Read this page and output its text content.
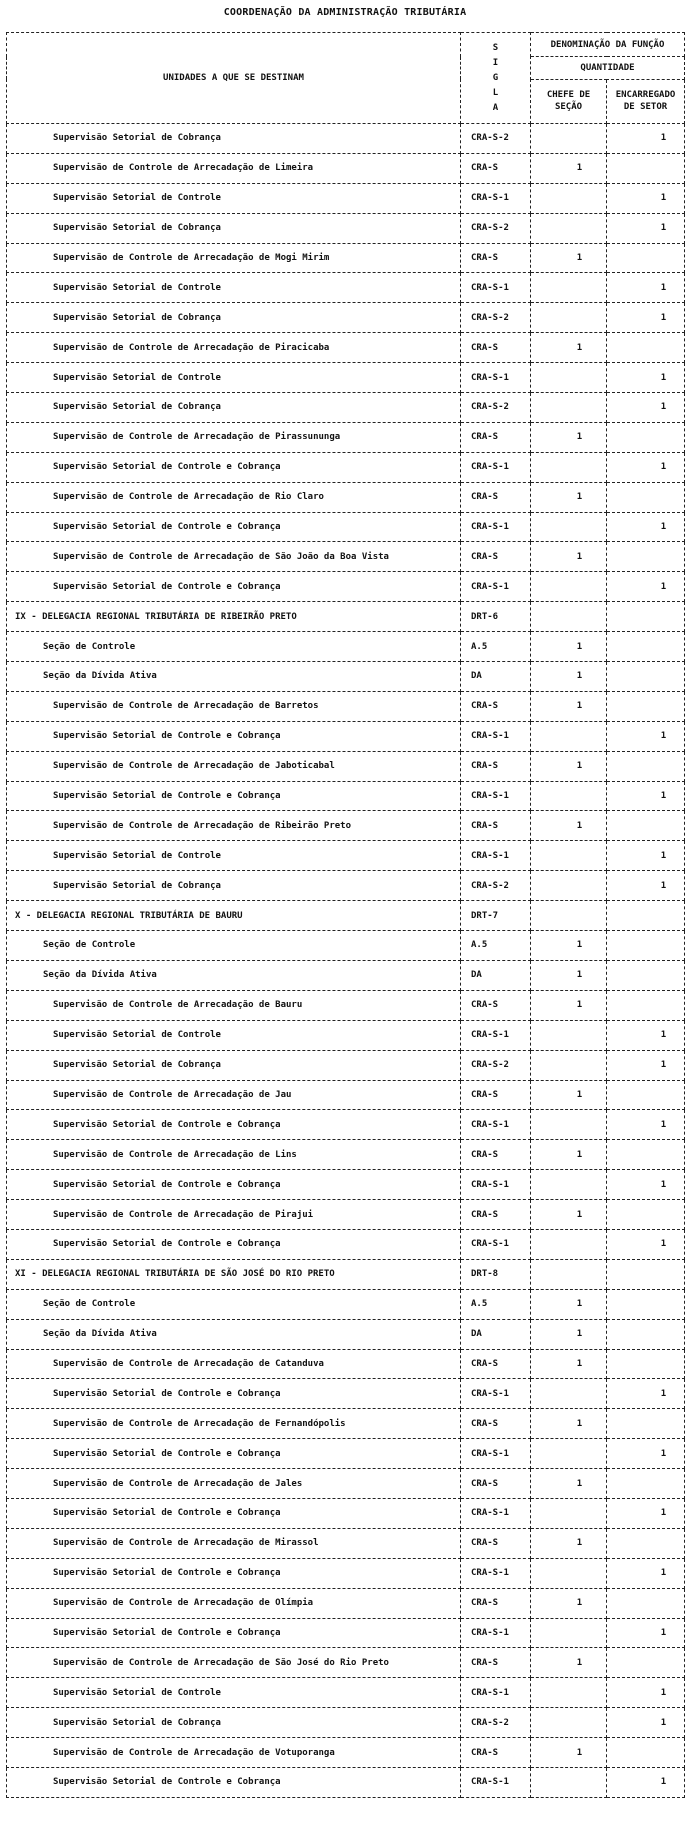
COORDENAÇÃO DA ADMINISTRAÇÃO TRIBUTÁRIA
UNIDADES A QUE SE DESTINAM	S
I
G
L
A	DENOMINAÇÃO DA FUNÇÃO	
		QUANTIDADE	

		CHEFE DE
SEÇÃO	ENCARREGADO
DE SETOR

Supervisão Setorial de Cobrança	CRA-S-2		1
Supervisão de Controle de Arrecadação de Limeira	CRA-S	1	
Supervisão Setorial de Controle	CRA-S-1		1
Supervisão Setorial de Cobrança	CRA-S-2		1
Supervisão de Controle de Arrecadação de Mogi Mirim	CRA-S	1	
Supervisão Setorial de Controle	CRA-S-1		1
Supervisão Setorial de Cobrança	CRA-S-2		1
Supervisão de Controle de Arrecadação de Piracicaba	CRA-S	1	
Supervisão Setorial de Controle	CRA-S-1		1
Supervisão Setorial de Cobrança	CRA-S-2		1
Supervisão de Controle de Arrecadação de Pirassununga	CRA-S	1	
Supervisão Setorial de Controle e Cobrança	CRA-S-1		1
Supervisão de Controle de Arrecadação de Rio Claro	CRA-S	1	
Supervisão Setorial de Controle e Cobrança	CRA-S-1		1
Supervisão de Controle de Arrecadação de São João da Boa Vista	CRA-S	1	
Supervisão Setorial de Controle e Cobrança	CRA-S-1		1
IX - DELEGACIA REGIONAL TRIBUTÁRIA DE RIBEIRÃO PRETO	DRT-6		
Seção de Controle	A.5	1	
Seção da Dívida Ativa	DA	1	
Supervisão de Controle de Arrecadação de Barretos	CRA-S	1	
Supervisão Setorial de Controle e Cobrança	CRA-S-1		1
Supervisão de Controle de Arrecadação de Jaboticabal	CRA-S	1	
Supervisão Setorial de Controle e Cobrança	CRA-S-1		1
Supervisão de Controle de Arrecadação de Ribeirão Preto	CRA-S	1	
Supervisão Setorial de Controle	CRA-S-1		1
Supervisão Setorial de Cobrança	CRA-S-2		1
X - DELEGACIA REGIONAL TRIBUTÁRIA DE BAURU	DRT-7		
Seção de Controle	A.5	1	
Seção da Dívida Ativa	DA	1	
Supervisão de Controle de Arrecadação de Bauru	CRA-S	1	
Supervisão Setorial de Controle	CRA-S-1		1
Supervisão Setorial de Cobrança	CRA-S-2		1
Supervisão de Controle de Arrecadação de Jau	CRA-S	1	
Supervisão Setorial de Controle e Cobrança	CRA-S-1		1
Supervisão de Controle de Arrecadação de Lins	CRA-S	1	
Supervisão Setorial de Controle e Cobrança	CRA-S-1		1
Supervisão de Controle de Arrecadação de Pirajui	CRA-S	1	
Supervisão Setorial de Controle e Cobrança	CRA-S-1		1
XI - DELEGACIA REGIONAL TRIBUTÁRIA DE SÃO JOSÉ DO RIO PRETO	DRT-8		
Seção de Controle	A.5	1	
Seção da Dívida Ativa	DA	1	
Supervisão de Controle de Arrecadação de Catanduva	CRA-S	1	
Supervisão Setorial de Controle e Cobrança	CRA-S-1		1
Supervisão de Controle de Arrecadação de Fernandópolis	CRA-S	1	
Supervisão Setorial de Controle e Cobrança	CRA-S-1		1
Supervisão de Controle de Arrecadação de Jales	CRA-S	1	
Supervisão Setorial de Controle e Cobrança	CRA-S-1		1
Supervisão de Controle de Arrecadação de Mirassol	CRA-S	1	
Supervisão Setorial de Controle e Cobrança	CRA-S-1		1
Supervisão de Controle de Arrecadação de Olímpia	CRA-S	1	
Supervisão Setorial de Controle e Cobrança	CRA-S-1		1
Supervisão de Controle de Arrecadação de São José do Rio Preto	CRA-S	1	
Supervisão Setorial de Controle	CRA-S-1		1
Supervisão Setorial de Cobrança	CRA-S-2		1
Supervisão de Controle de Arrecadação de Votuporanga	CRA-S	1	
Supervisão Setorial de Controle e Cobrança	CRA-S-1		1
